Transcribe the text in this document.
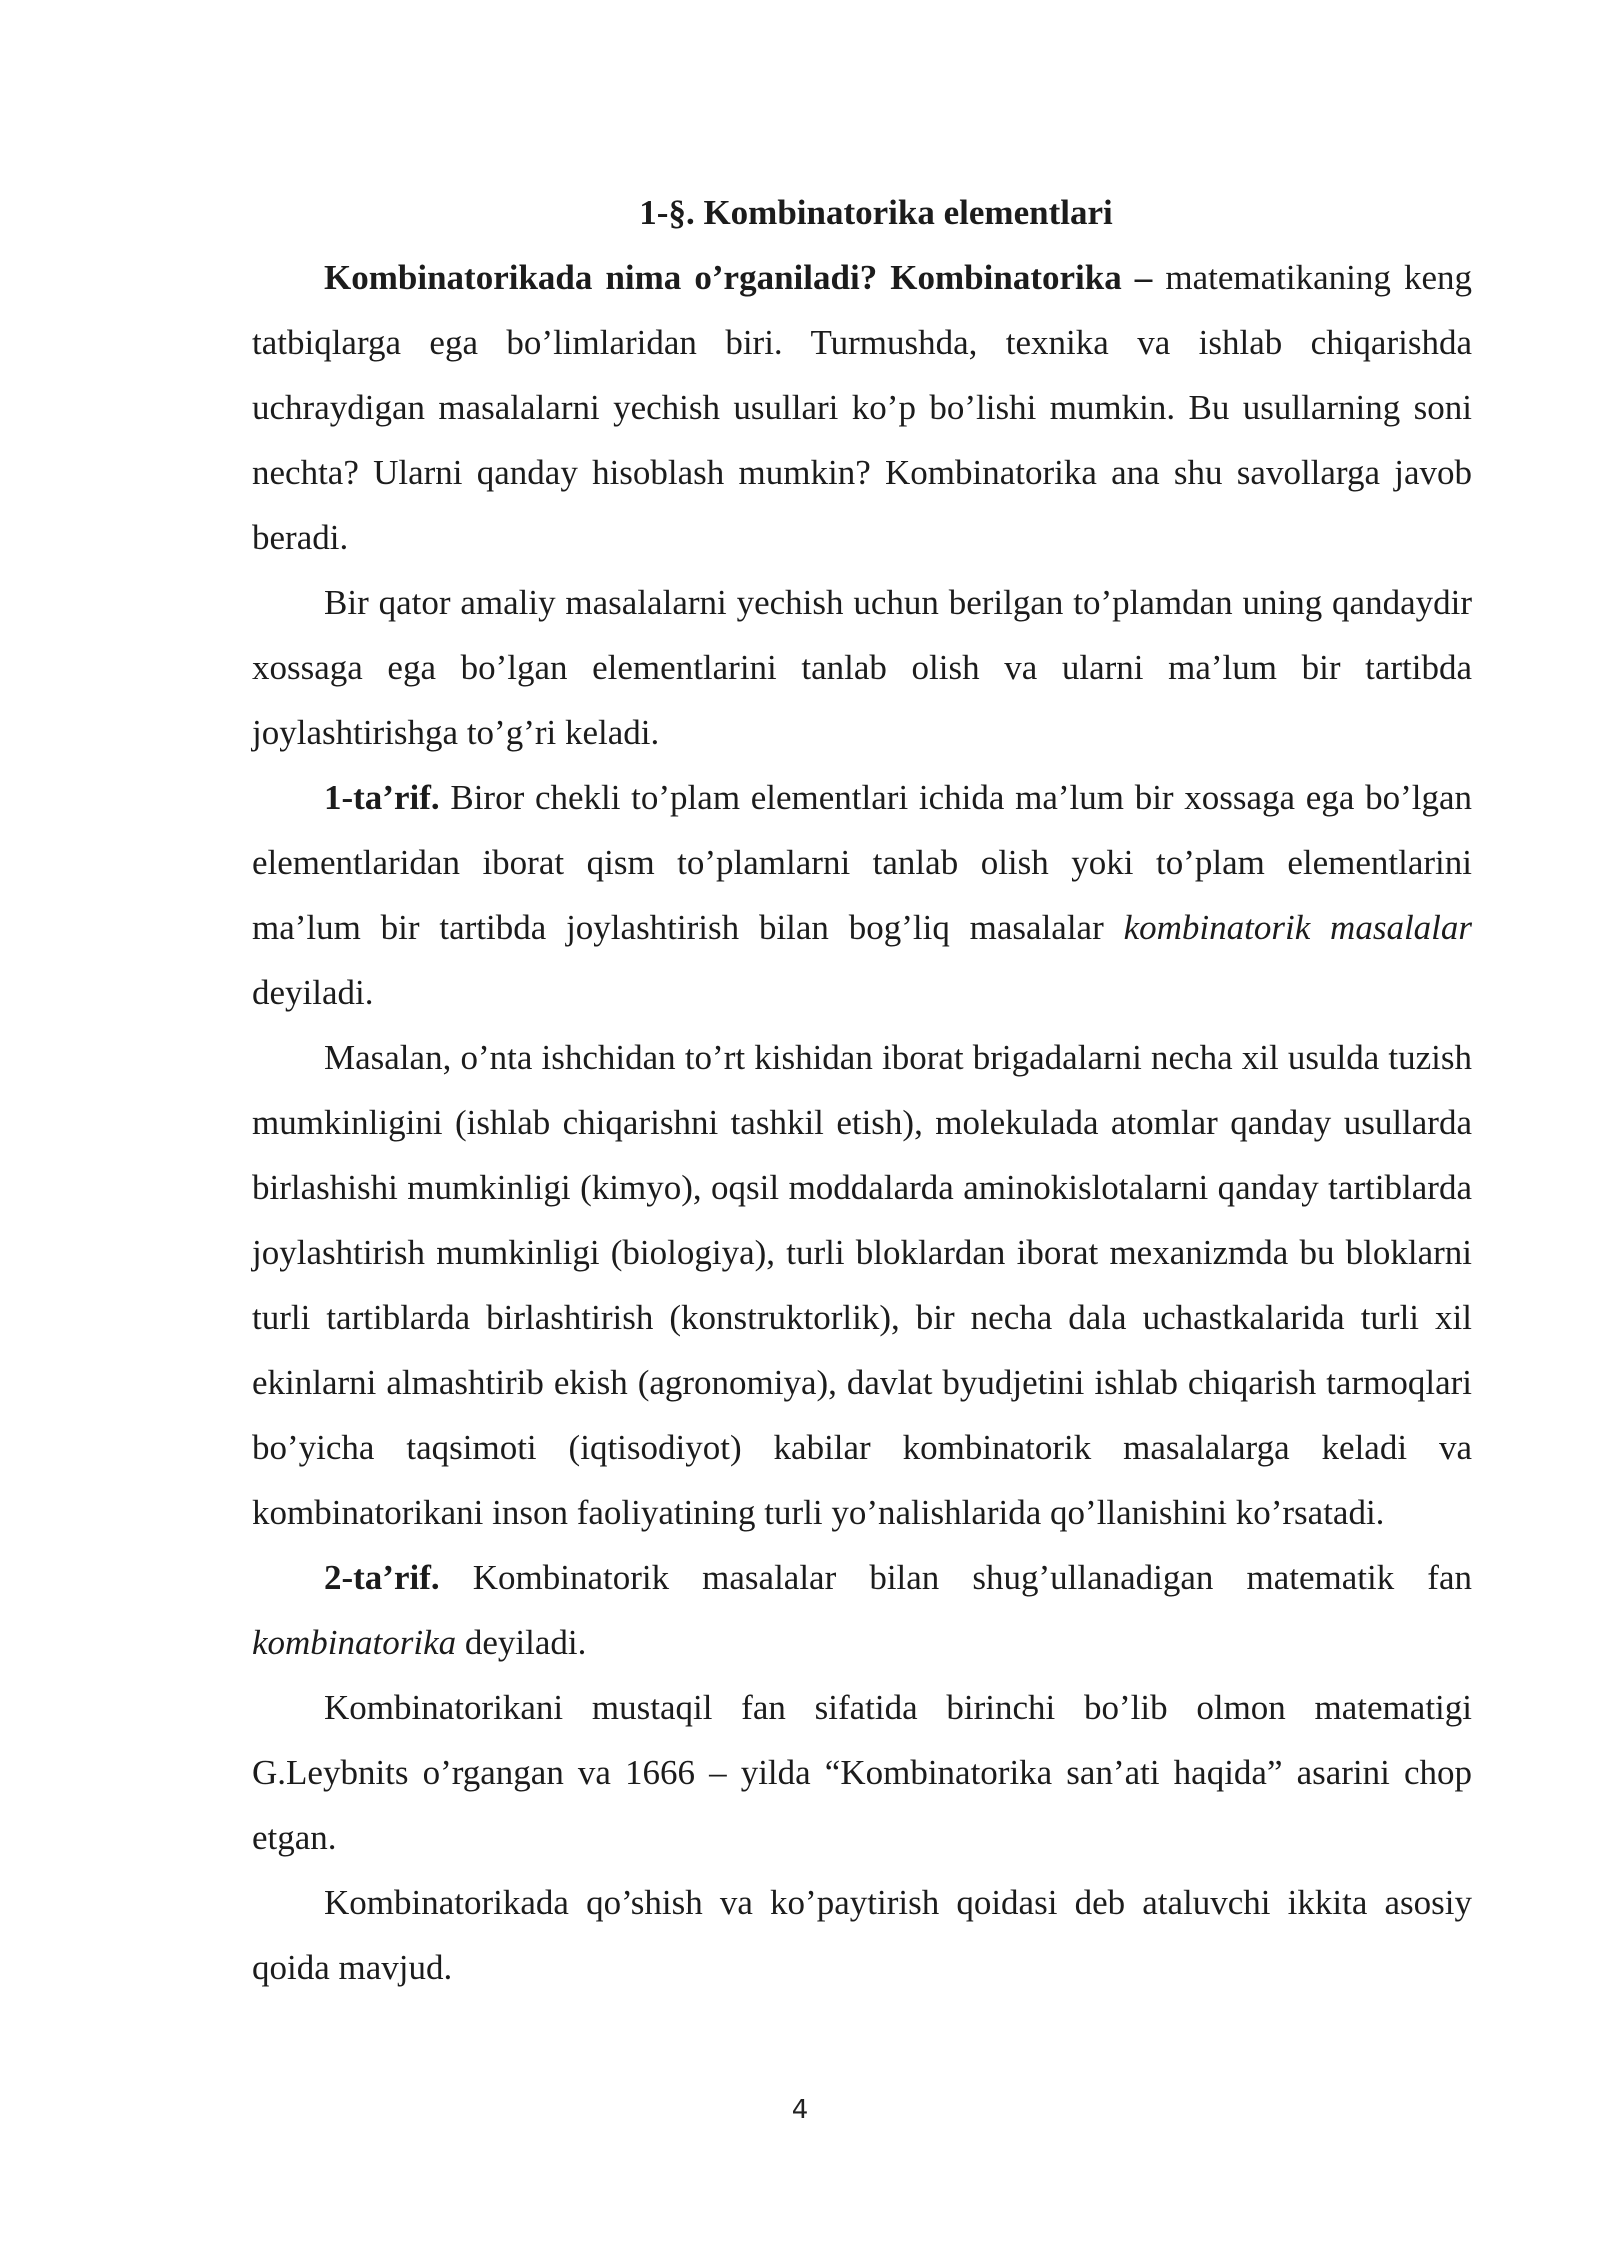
1-§. Kombinatorika elementlari

Kombinatorikada nima o’rganiladi? Kombinatorika – matematikaning keng tatbiqlarga ega bo’limlaridan biri. Turmushda, texnika va ishlab chiqarishda uchraydigan masalalarni yechish usullari ko’p bo’lishi mumkin. Bu usullarning soni nechta? Ularni qanday hisoblash mumkin? Kombinatorika ana shu savollarga javob beradi.

Bir qator amaliy masalalarni yechish uchun berilgan to’plamdan uning qandaydir xossaga ega bo’lgan elementlarini tanlab olish va ularni ma’lum bir tartibda joylashtirishga to’g’ri keladi.

1-ta’rif. Biror chekli to’plam elementlari ichida ma’lum bir xossaga ega bo’lgan elementlaridan iborat qism to’plamlarni tanlab olish yoki to’plam elementlarini ma’lum bir tartibda joylashtirish bilan bog’liq masalalar kombinatorik masalalar deyiladi.

Masalan, o’nta ishchidan to’rt kishidan iborat brigadalarni necha xil usulda tuzish mumkinligini (ishlab chiqarishni tashkil etish), molekulada atomlar qanday usullarda birlashishi mumkinligi (kimyo), oqsil moddalarda aminokislotalarni qanday tartiblarda joylashtirish mumkinligi (biologiya), turli bloklardan iborat mexanizmda bu bloklarni turli tartiblarda birlashtirish (konstruktorlik), bir necha dala uchastkalarida turli xil ekinlarni almashtirib ekish (agronomiya), davlat byudjetini ishlab chiqarish tarmoqlari bo’yicha taqsimoti (iqtisodiyot) kabilar kombinatorik masalalarga keladi va kombinatorikani inson faoliyatining turli yo’nalishlarida qo’llanishini ko’rsatadi.

2-ta’rif. Kombinatorik masalalar bilan shug’ullanadigan matematik fan kombinatorika deyiladi.

Kombinatorikani mustaqil fan sifatida birinchi bo’lib olmon matematigi G.Leybnits o’rgangan va 1666 – yilda “Kombinatorika san’ati haqida” asarini chop etgan.

Kombinatorikada qo’shish va ko’paytirish qoidasi deb ataluvchi ikkita asosiy qoida mavjud.

4
